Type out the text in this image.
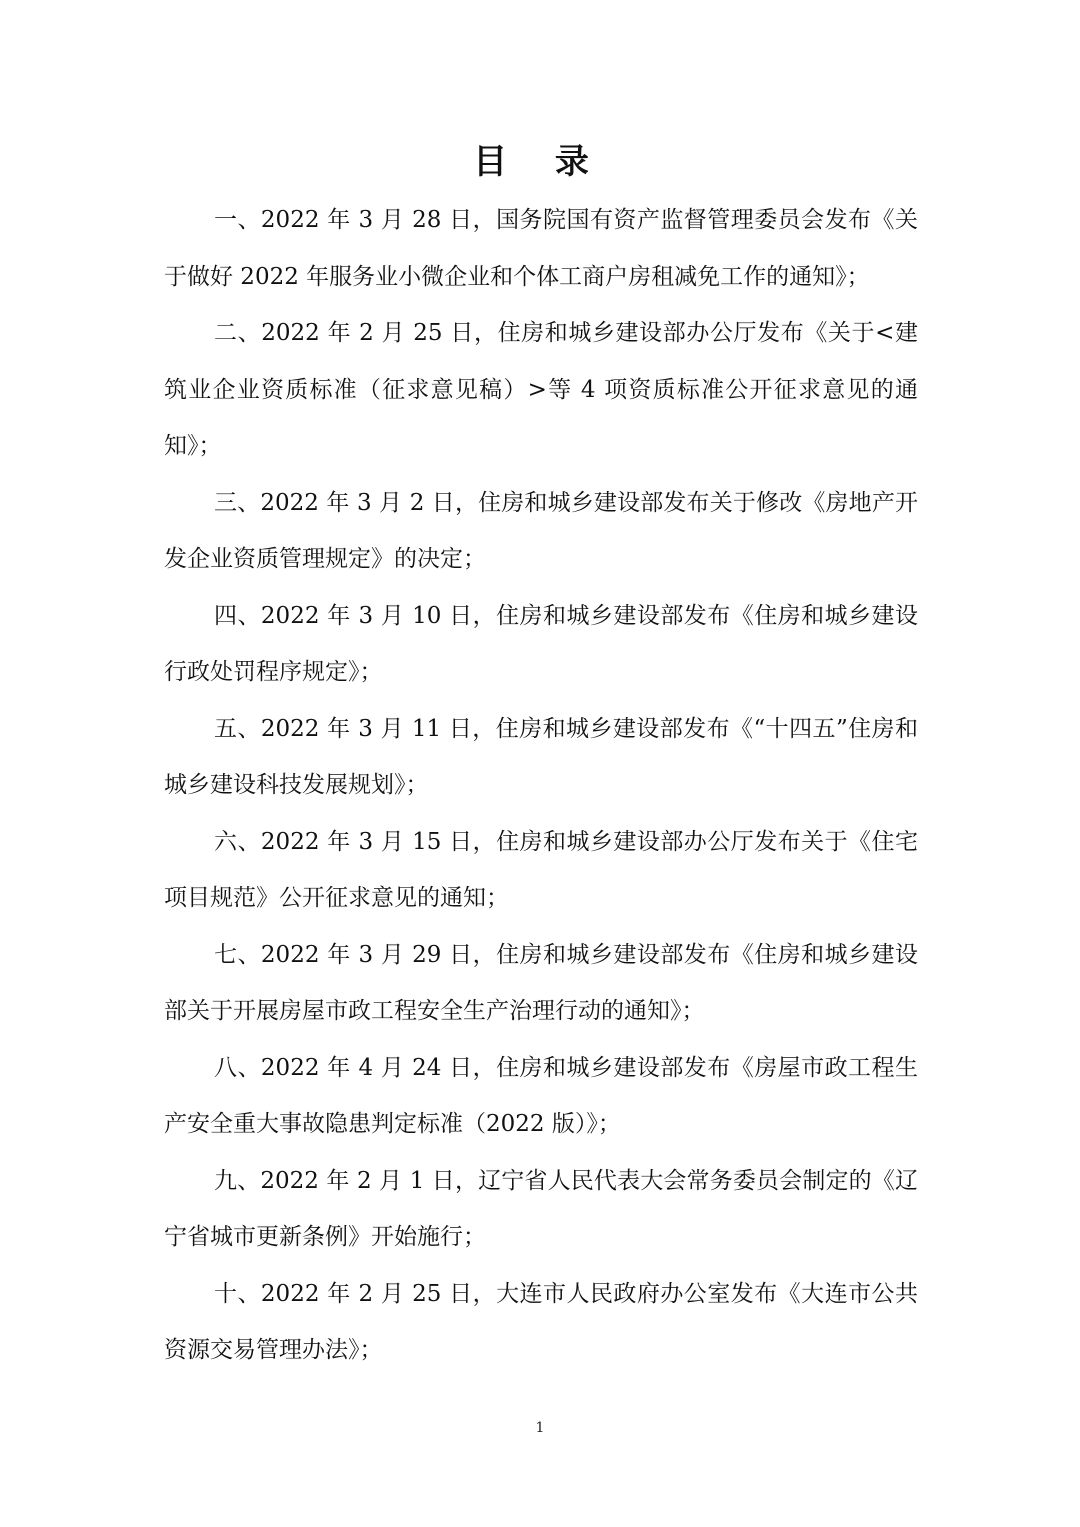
目 录
一、2022 年 3 月 28 日，国务院国有资产监督管理委员会发布《关于做好 2022 年服务业小微企业和个体工商户房租减免工作的通知》；
二、2022 年 2 月 25 日，住房和城乡建设部办公厅发布《关于<建筑业企业资质标准（征求意见稿）>等 4 项资质标准公开征求意见的通知》；
三、2022 年 3 月 2 日，住房和城乡建设部发布关于修改《房地产开发企业资质管理规定》的决定；
四、2022 年 3 月 10 日，住房和城乡建设部发布《住房和城乡建设行政处罚程序规定》；
五、2022 年 3 月 11 日，住房和城乡建设部发布《“十四五”住房和城乡建设科技发展规划》；
六、2022 年 3 月 15 日，住房和城乡建设部办公厅发布关于《住宅项目规范》公开征求意见的通知；
七、2022 年 3 月 29 日，住房和城乡建设部发布《住房和城乡建设部关于开展房屋市政工程安全生产治理行动的通知》；
八、2022 年 4 月 24 日，住房和城乡建设部发布《房屋市政工程生产安全重大事故隐患判定标准（2022 版）》；
九、2022 年 2 月 1 日，辽宁省人民代表大会常务委员会制定的《辽宁省城市更新条例》开始施行；
十、2022 年 2 月 25 日，大连市人民政府办公室发布《大连市公共资源交易管理办法》；
1
